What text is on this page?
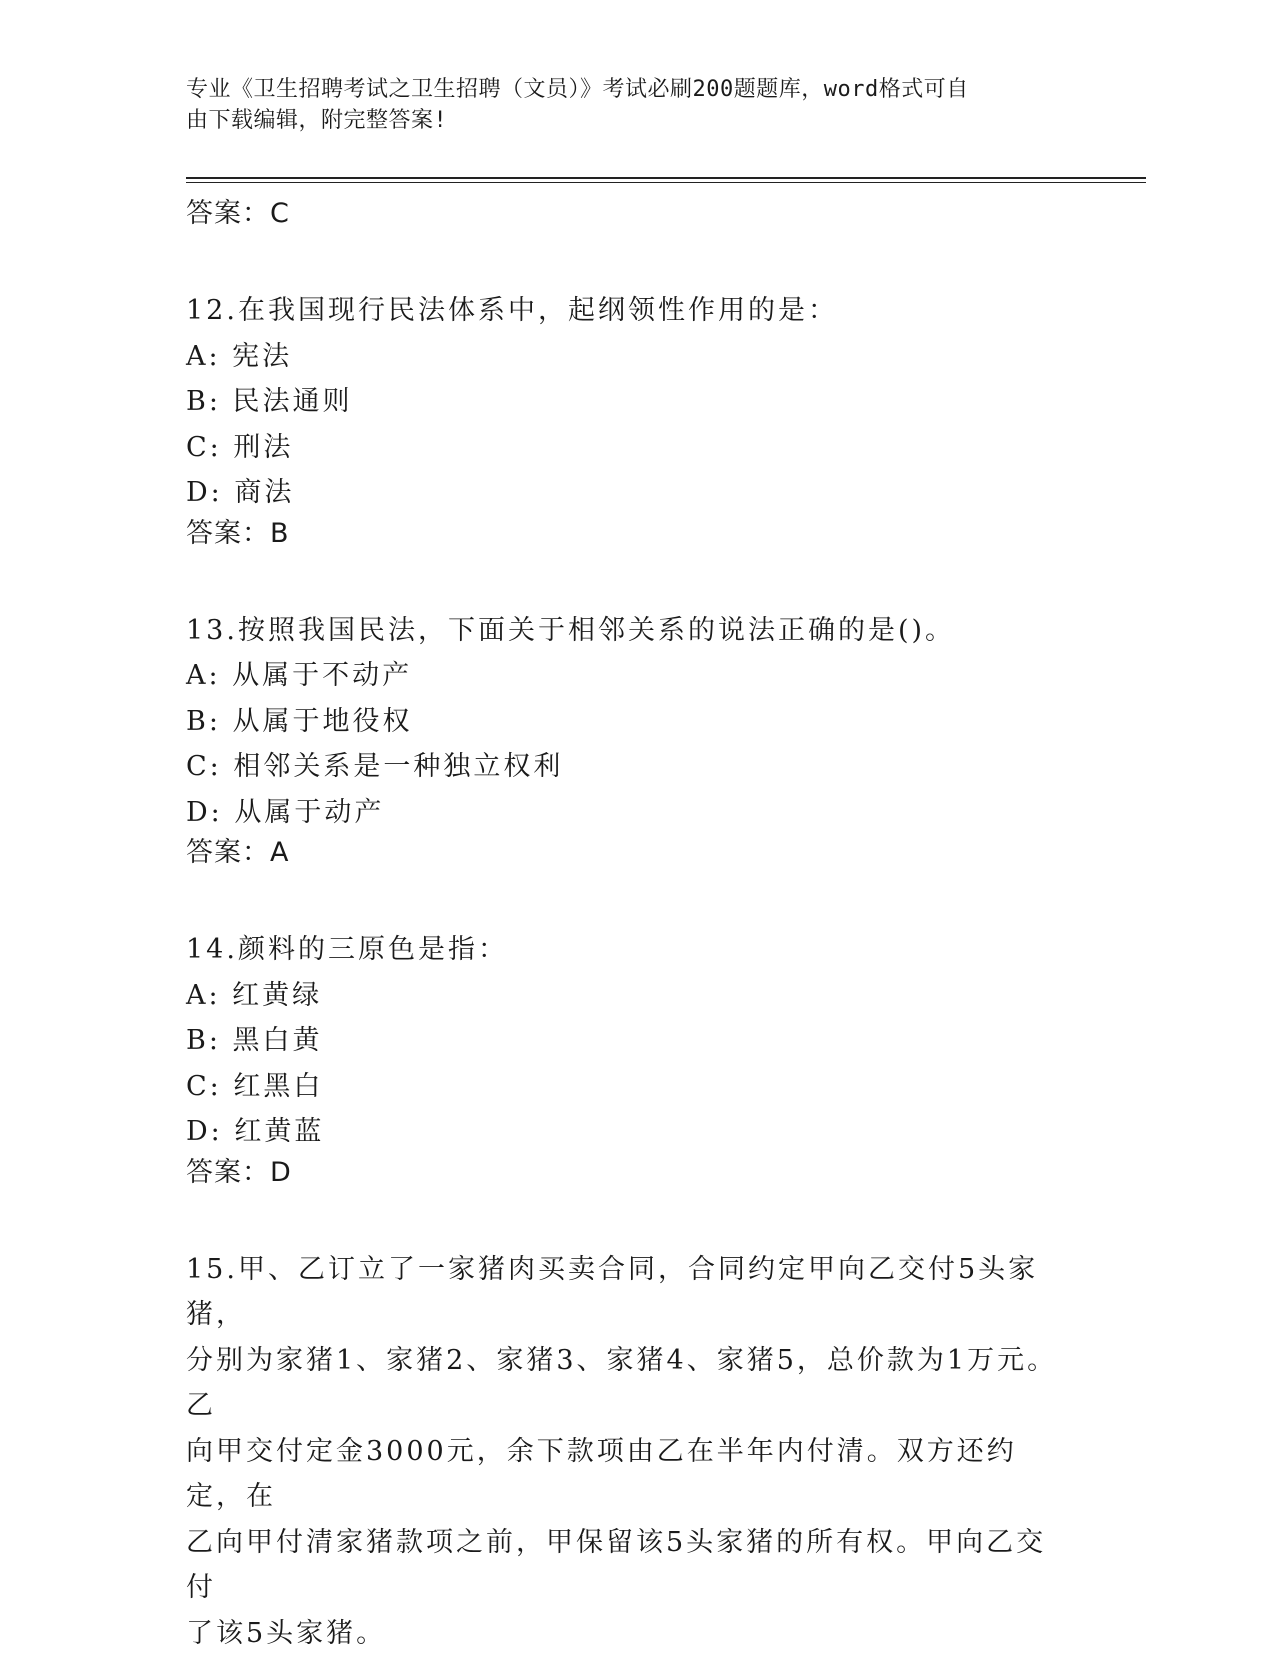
专业《卫生招聘考试之卫生招聘（文员）》考试必刷200题题库，word格式可自
由下载编辑，附完整答案!
答案：C
12.在我国现行民法体系中，起纲领性作用的是：
A: 宪法
B: 民法通则
C: 刑法
D: 商法
答案：B
13.按照我国民法，下面关于相邻关系的说法正确的是()。
A: 从属于不动产
B: 从属于地役权
C: 相邻关系是一种独立权利
D: 从属于动产
答案：A
14.颜料的三原色是指：
A: 红黄绿
B: 黑白黄
C: 红黑白
D: 红黄蓝
答案：D
15.甲、乙订立了一家猪肉买卖合同，合同约定甲向乙交付5头家猪，
分别为家猪1、家猪2、家猪3、家猪4、家猪5，总价款为1万元。乙
向甲交付定金3000元，余下款项由乙在半年内付清。双方还约定，在
乙向甲付清家猪款项之前，甲保留该5头家猪的所有权。甲向乙交付
了该5头家猪。
